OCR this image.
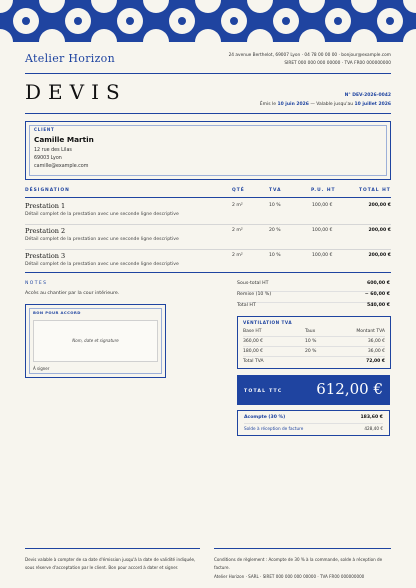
Atelier Horizon	24 avenue Berthelot, 69007 Lyon · 04 78 00 00 00 · bonjour@example.com
SIRET 000 000 000 00000 · TVA FR00 000000000
DEVIS	N° DEV-2026-0042
Émis le 10 juin 2026 — Valable jusqu'au 10 juillet 2026
CLIENT
Camille Martin
12 rue des Lilas
69003 Lyon
camille@example.com
DÉSIGNATION	QTÉ	TVA	P.U. HT	TOTAL HT
Prestation 1
Détail complet de la prestation avec une seconde ligne descriptive
2 m²	10 %	100,00 €	200,00 €
Prestation 2
Détail complet de la prestation avec une seconde ligne descriptive
2 m²	20 %	100,00 €	200,00 €
Prestation 3
Détail complet de la prestation avec une seconde ligne descriptive
2 m²	10 %	100,00 €	200,00 €
NOTES
Accès au chantier par la cour intérieure.
BON POUR ACCORD
Nom, date et signature
À signer
Sous-total HT	600,00 €
Remise (10 %)	− 60,00 €
Total HT	540,00 €
VENTILATION TVA
Base HT	Taux	Montant TVA
360,00 €	10 %	36,00 €
180,00 €	20 %	36,00 €
Total TVA	72,00 €
TOTAL TTC 612,00 €
Acompte (30 %)	183,60 €
Solde à réception de facture	428,40 €
Devis valable à compter de sa date d'émission jusqu'à la date de validité indiquée, sous réserve d'acceptation par le client. Bon pour accord à dater et signer.
Conditions de règlement : Acompte de 30 % à la commande, solde à réception de facture.
Atelier Horizon · SARL · SIRET 000 000 000 00000 · TVA FR00 000000000
